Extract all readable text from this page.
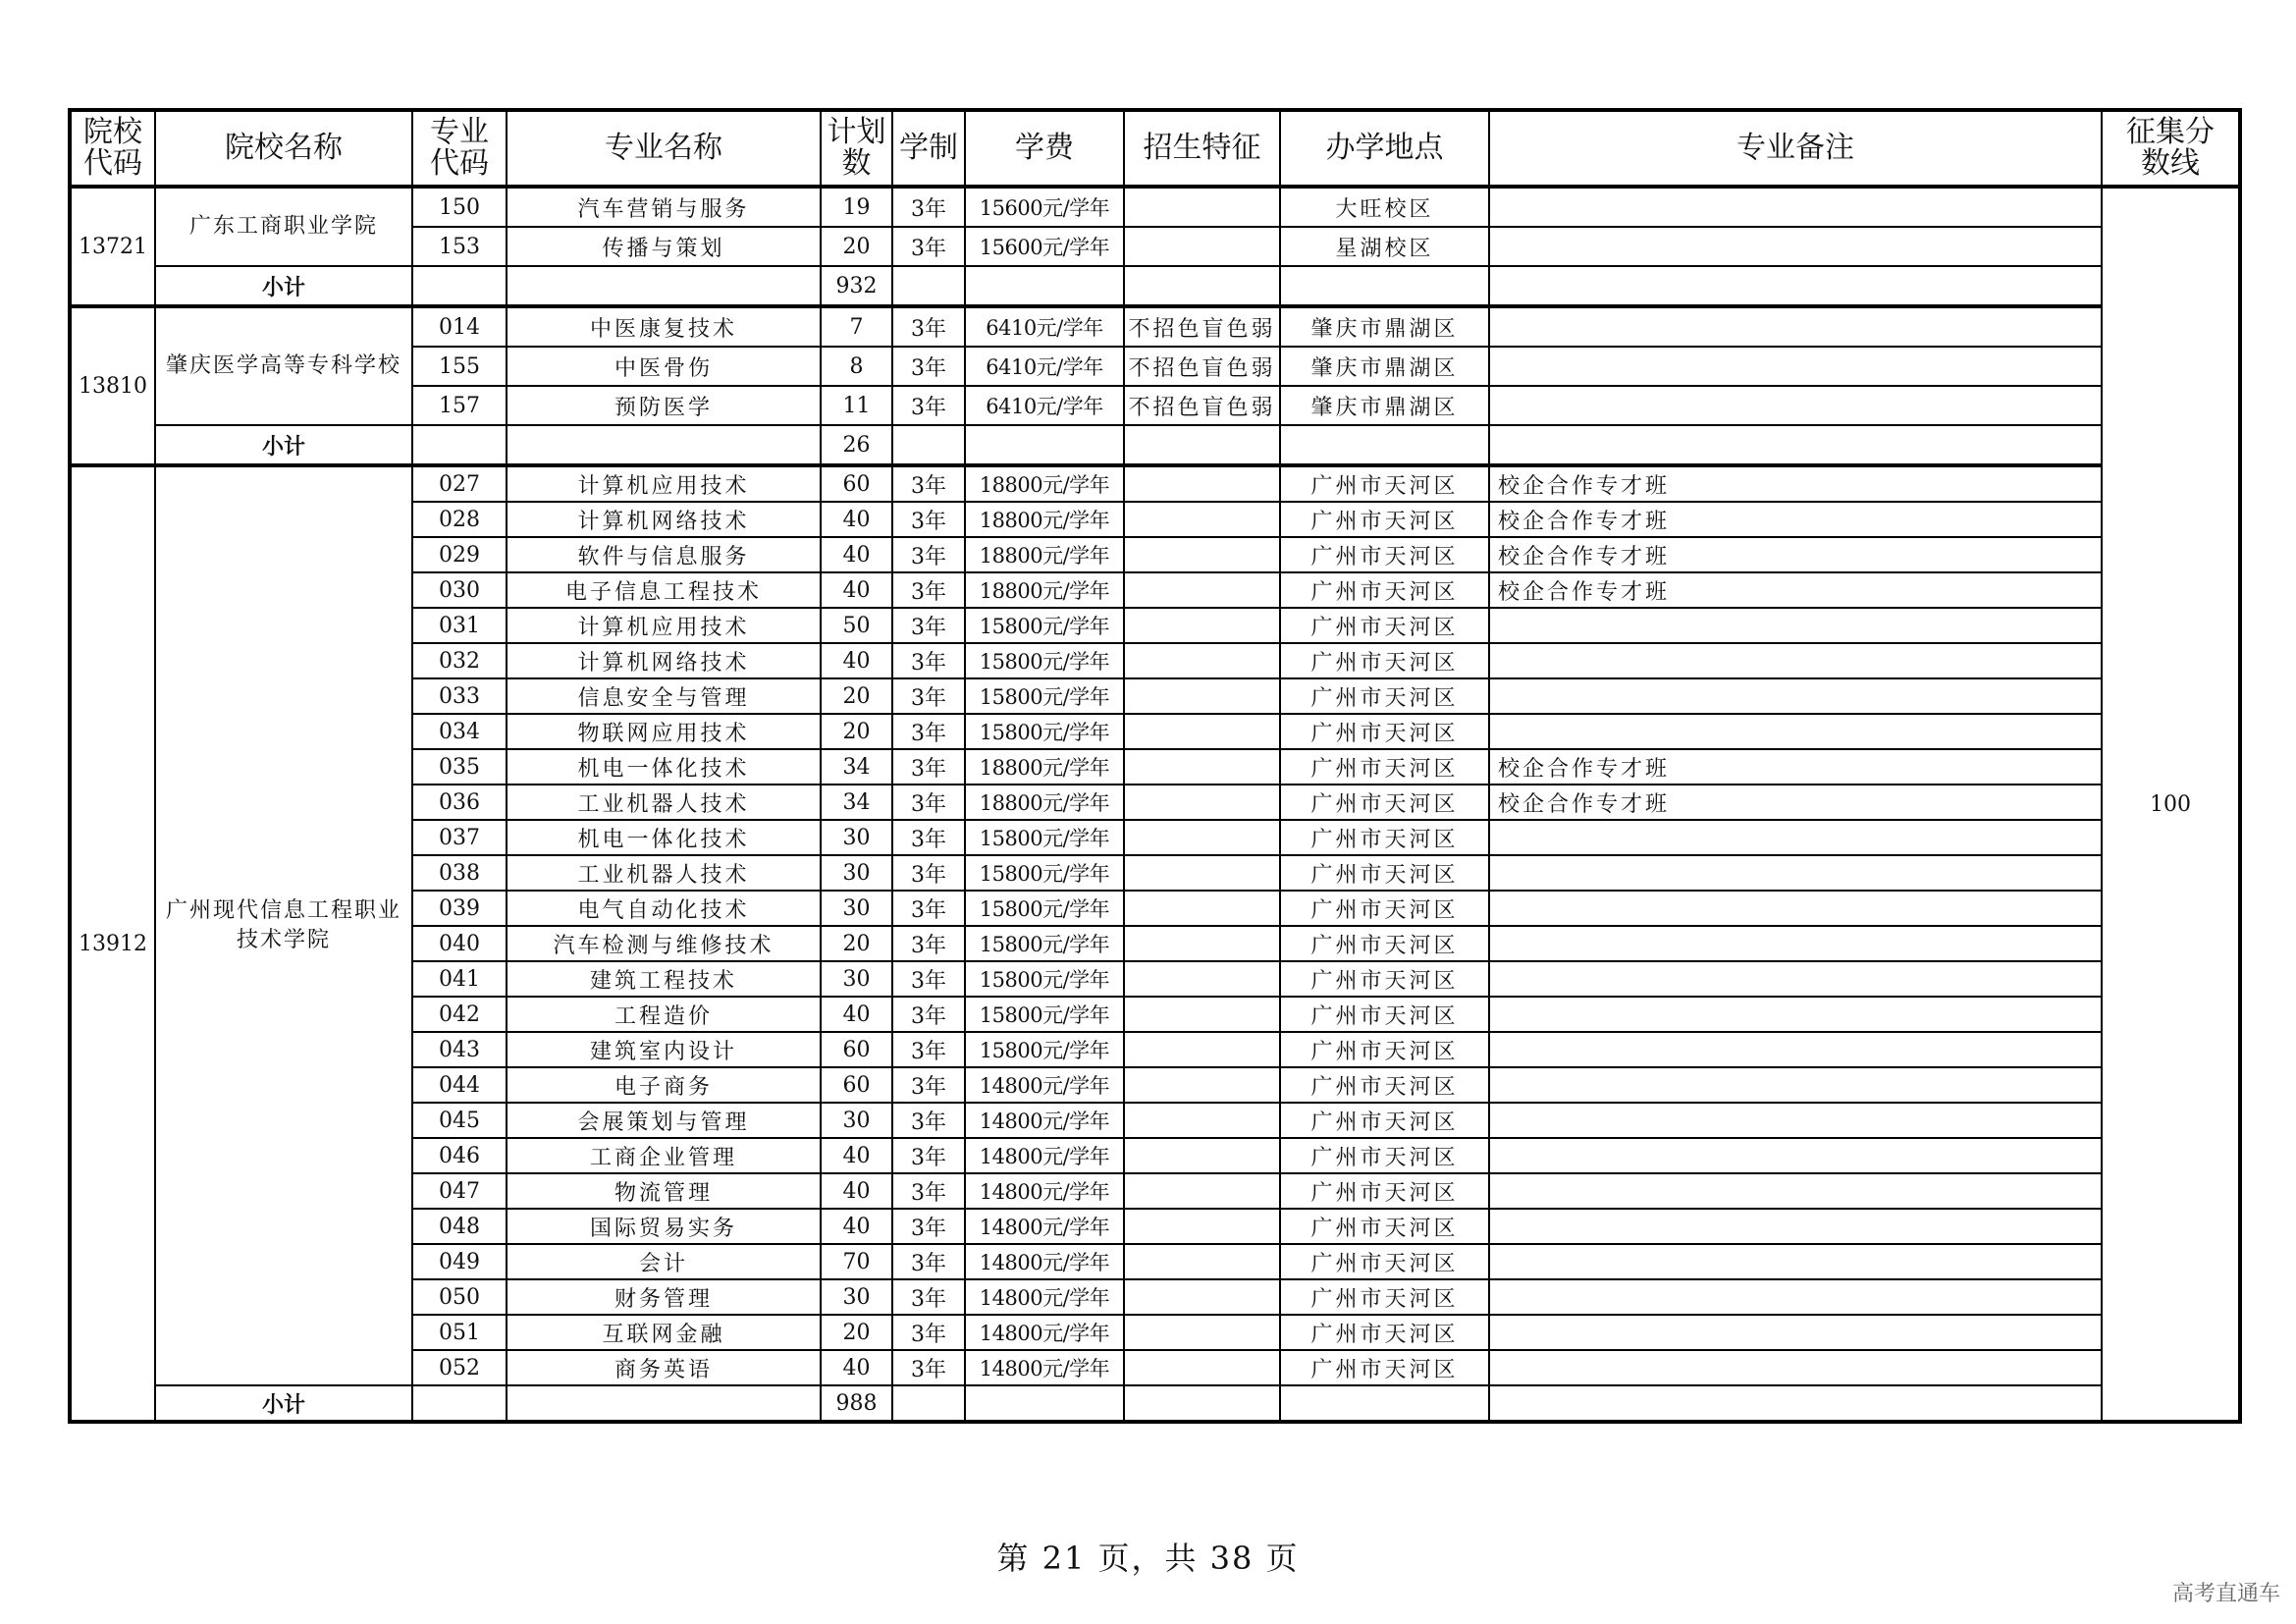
院校代码	院校名称	专业代码	专业名称	计划数	学制	学费	招生特征	办学地点	专业备注	征集分数线
13721	广东工商职业学院	150	汽车营销与服务	19	3年	15600元/学年		大旺校区		100
		153	传播与策划	20	3年	15600元/学年		星湖校区		
	小计			932						
13810	肇庆医学高等专科学校	014	中医康复技术	7	3年	6410元/学年	不招色盲色弱	肇庆市鼎湖区		
		155	中医骨伤	8	3年	6410元/学年	不招色盲色弱	肇庆市鼎湖区		
		157	预防医学	11	3年	6410元/学年	不招色盲色弱	肇庆市鼎湖区		
	小计			26						
13912	广州现代信息工程职业技术学院	027	计算机应用技术	60	3年	18800元/学年		广州市天河区	校企合作专才班	
		028	计算机网络技术	40	3年	18800元/学年		广州市天河区	校企合作专才班	
		029	软件与信息服务	40	3年	18800元/学年		广州市天河区	校企合作专才班	
		030	电子信息工程技术	40	3年	18800元/学年		广州市天河区	校企合作专才班	
		031	计算机应用技术	50	3年	15800元/学年		广州市天河区		
		032	计算机网络技术	40	3年	15800元/学年		广州市天河区		
		033	信息安全与管理	20	3年	15800元/学年		广州市天河区		
		034	物联网应用技术	20	3年	15800元/学年		广州市天河区		
		035	机电一体化技术	34	3年	18800元/学年		广州市天河区	校企合作专才班	
		036	工业机器人技术	34	3年	18800元/学年		广州市天河区	校企合作专才班	
		037	机电一体化技术	30	3年	15800元/学年		广州市天河区		
		038	工业机器人技术	30	3年	15800元/学年		广州市天河区		
		039	电气自动化技术	30	3年	15800元/学年		广州市天河区		
		040	汽车检测与维修技术	20	3年	15800元/学年		广州市天河区		
		041	建筑工程技术	30	3年	15800元/学年		广州市天河区		
		042	工程造价	40	3年	15800元/学年		广州市天河区		
		043	建筑室内设计	60	3年	15800元/学年		广州市天河区		
		044	电子商务	60	3年	14800元/学年		广州市天河区		
		045	会展策划与管理	30	3年	14800元/学年		广州市天河区		
		046	工商企业管理	40	3年	14800元/学年		广州市天河区		
		047	物流管理	40	3年	14800元/学年		广州市天河区		
		048	国际贸易实务	40	3年	14800元/学年		广州市天河区		
		049	会计	70	3年	14800元/学年		广州市天河区		
		050	财务管理	30	3年	14800元/学年		广州市天河区		
		051	互联网金融	20	3年	14800元/学年		广州市天河区		
		052	商务英语	40	3年	14800元/学年		广州市天河区		
	小计			988						
第 21 页，共 38 页
高考直通车
